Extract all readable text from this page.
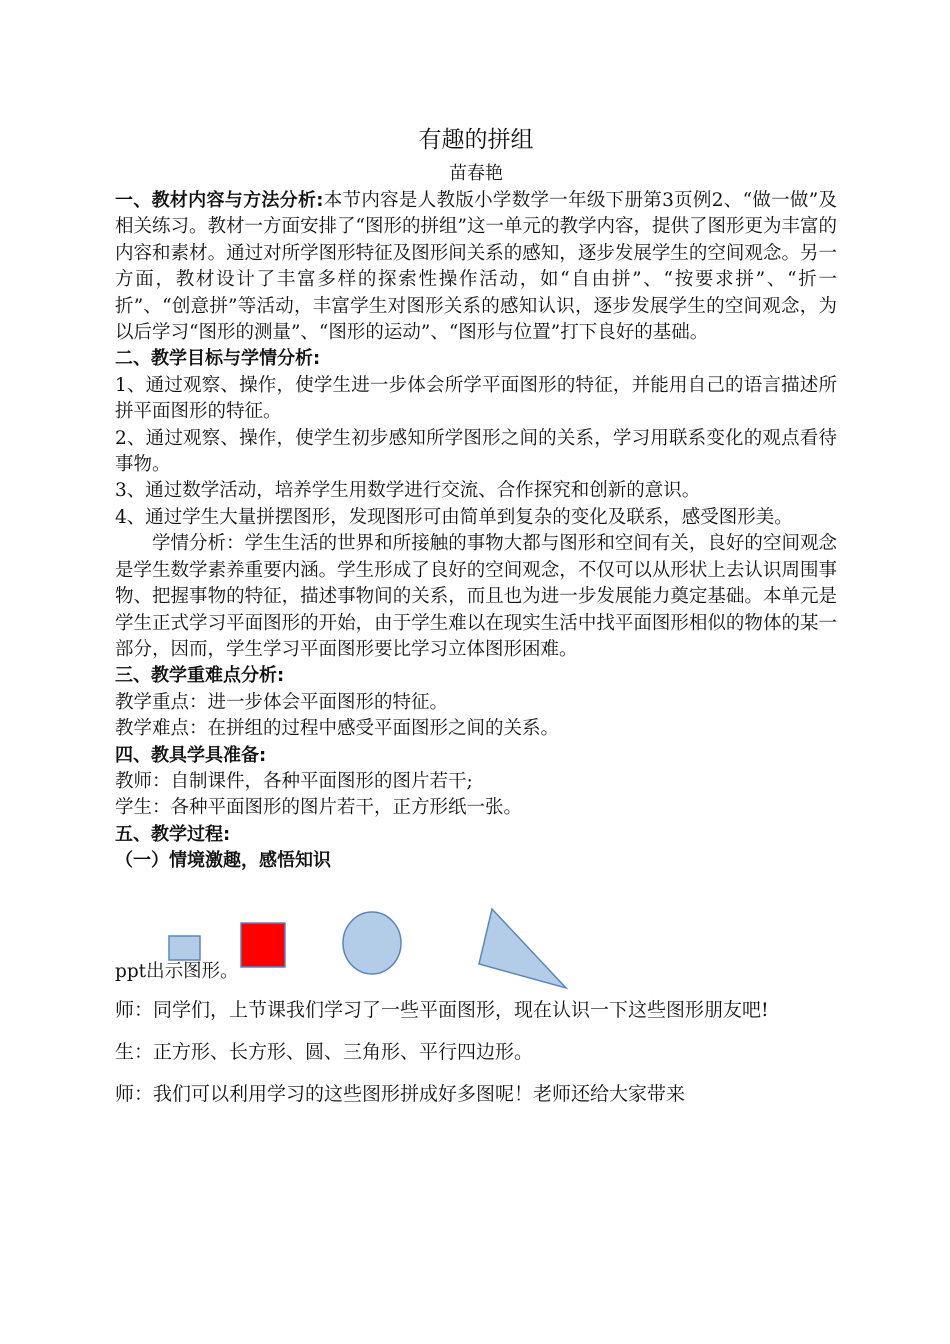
有趣的拼组

苗春艳

一、教材内容与方法分析:本节内容是人教版小学数学一年级下册第3页例2、“做一做”及相关练习。教材一方面安排了“图形的拼组”这一单元的教学内容，提供了图形更为丰富的内容和素材。通过对所学图形特征及图形间关系的感知，逐步发展学生的空间观念。另一方面，教材设计了丰富多样的探索性操作活动，如“自由拼”、“按要求拼”、“折一折”、“创意拼”等活动，丰富学生对图形关系的感知认识，逐步发展学生的空间观念，为以后学习“图形的测量”、“图形的运动”、“图形与位置”打下良好的基础。

二、教学目标与学情分析:

1、通过观察、操作，使学生进一步体会所学平面图形的特征，并能用自己的语言描述所拼平面图形的特征。

2、通过观察、操作，使学生初步感知所学图形之间的关系，学习用联系变化的观点看待事物。

3、通过数学活动，培养学生用数学进行交流、合作探究和创新的意识。

4、通过学生大量拼摆图形，发现图形可由简单到复杂的变化及联系，感受图形美。

学情分析：学生生活的世界和所接触的事物大都与图形和空间有关，良好的空间观念是学生数学素养重要内涵。学生形成了良好的空间观念，不仅可以从形状上去认识周围事物、把握事物的特征，描述事物间的关系，而且也为进一步发展能力奠定基础。本单元是学生正式学习平面图形的开始，由于学生难以在现实生活中找平面图形相似的物体的某一部分，因而，学生学习平面图形要比学习立体图形困难。

三、教学重难点分析:

教学重点：进一步体会平面图形的特征。

教学难点：在拼组的过程中感受平面图形之间的关系。

四、教具学具准备:

教师：自制课件，各种平面图形的图片若干;

学生：各种平面图形的图片若干，正方形纸一张。

五、教学过程:

（一）情境激趣，感悟知识

ppt出示图形。

师：同学们，上节课我们学习了一些平面图形，现在认识一下这些图形朋友吧!

生：正方形、长方形、圆、三角形、平行四边形。

师：我们可以利用学习的这些图形拼成好多图呢！老师还给大家带来
